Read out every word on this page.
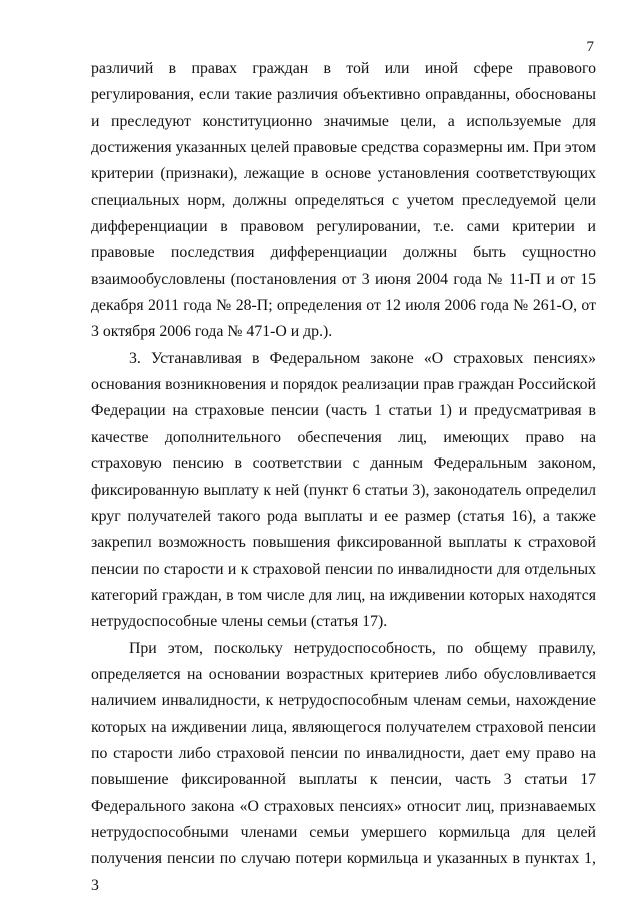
7

различий в правах граждан в той или иной сфере правового регулирования, если такие различия объективно оправданны, обоснованы и преследуют конституционно значимые цели, а используемые для достижения указанных целей правовые средства соразмерны им. При этом критерии (признаки), лежащие в основе установления соответствующих специальных норм, должны определяться с учетом преследуемой цели дифференциации в правовом регулировании, т.е. сами критерии и правовые последствия дифференциации должны быть сущностно взаимообусловлены (постановления от 3 июня 2004 года № 11-П и от 15 декабря 2011 года № 28-П; определения от 12 июля 2006 года № 261-О, от 3 октября 2006 года № 471-О и др.).

3. Устанавливая в Федеральном законе «О страховых пенсиях» основания возникновения и порядок реализации прав граждан Российской Федерации на страховые пенсии (часть 1 статьи 1) и предусматривая в качестве дополнительного обеспечения лиц, имеющих право на страховую пенсию в соответствии с данным Федеральным законом, фиксированную выплату к ней (пункт 6 статьи 3), законодатель определил круг получателей такого рода выплаты и ее размер (статья 16), а также закрепил возможность повышения фиксированной выплаты к страховой пенсии по старости и к страховой пенсии по инвалидности для отдельных категорий граждан, в том числе для лиц, на иждивении которых находятся нетрудоспособные члены семьи (статья 17).

При этом, поскольку нетрудоспособность, по общему правилу, определяется на основании возрастных критериев либо обусловливается наличием инвалидности, к нетрудоспособным членам семьи, нахождение которых на иждивении лица, являющегося получателем страховой пенсии по старости либо страховой пенсии по инвалидности, дает ему право на повышение фиксированной выплаты к пенсии, часть 3 статьи 17 Федерального закона «О страховых пенсиях» относит лиц, признаваемых нетрудоспособными членами семьи умершего кормильца для целей получения пенсии по случаю потери кормильца и указанных в пунктах 1, 3
